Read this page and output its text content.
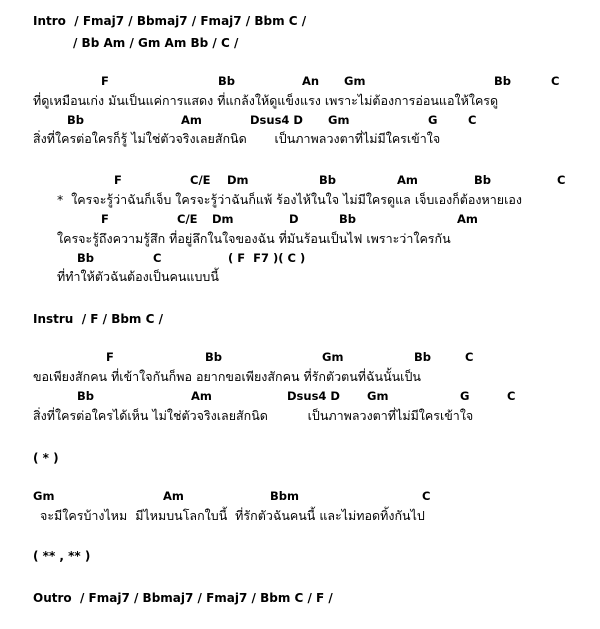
Intro  / Fmaj7 / Bbmaj7 / Fmaj7 / Bbm C /
/ Bb Am / Gm Am Bb / C /
F	Bb	An Gm	Bb	C
ที่ดูเหมือนเก่ง มันเป็นแค่การแสดง ที่แกล้งให้ดูแข็งแรง เพราะไม่ต้องการอ่อนแอให้ใครดู
Bb	Am	Dsus4 D Gm	G	C
สิ่งที่ใครต่อใครก็รู้ ไม่ใช่ตัวจริงเลยสักนิด       เป็นภาพลวงตาที่ไม่มีใครเข้าใจ
F	C/E Dm	Bb	Am	Bb	C
*  ใครจะรู้ว่าฉันก็เจ็บ ใครจะรู้ว่าฉันก็แพ้ ร้องไห้ในใจ ไม่มีใครดูแล เจ็บเองก็ต้องหายเอง
F	C/E Dm	D	Bb	Am
ใครจะรู้ถึงความรู้สึก ที่อยู่ลึกในใจของฉัน ที่มันร้อนเป็นไฟ เพราะว่าใครกัน
Bb	C	( F  F7 )( C )
ที่ทำให้ตัวฉันต้องเป็นคนแบบนี้
Instru  / F / Bbm C /
F	Bb	Gm	Bb	C
ขอเพียงสักคน ที่เข้าใจกันก็พอ อยากขอเพียงสักคน ที่รักตัวตนที่ฉันนั้นเป็น
Bb	Am	Dsus4 D Gm	G	C
สิ่งที่ใครต่อใครได้เห็น ไม่ใช่ตัวจริงเลยสักนิด          เป็นภาพลวงตาที่ไม่มีใครเข้าใจ
( * )
Gm	Am	Bbm	C
จะมีใครบ้างไหม  มีไหมบนโลกใบนี้  ที่รักตัวฉันคนนี้ และไม่ทอดทิ้งกันไป
( ** , ** )
Outro  / Fmaj7 / Bbmaj7 / Fmaj7 / Bbm C / F /
